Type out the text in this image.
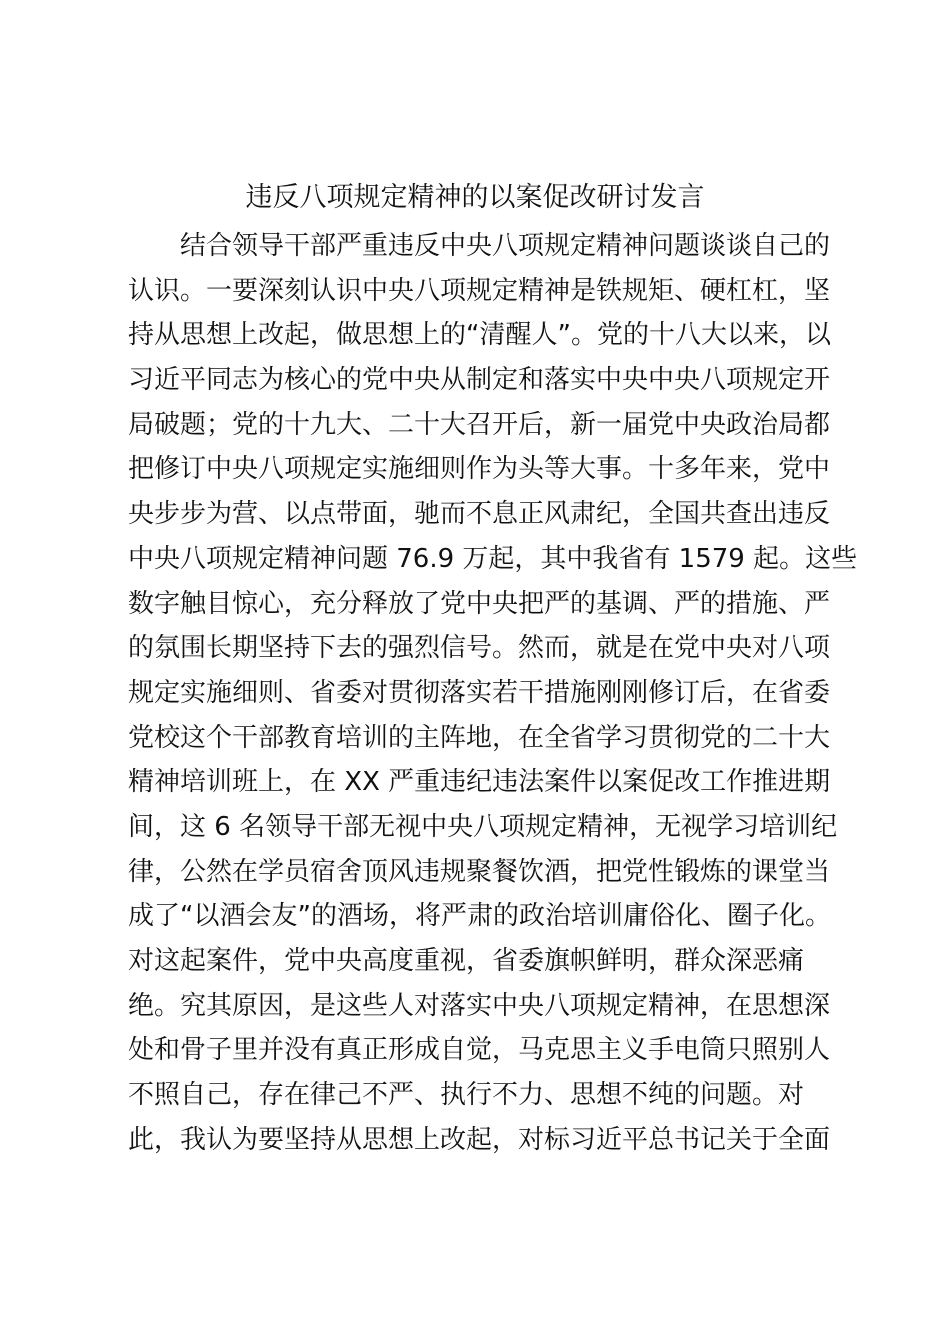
违反八项规定精神的以案促改研讨发言
结合领导干部严重违反中央八项规定精神问题谈谈自己的
认识。一要深刻认识中央八项规定精神是铁规矩、硬杠杠，坚
持从思想上改起，做思想上的“清醒人”。党的十八大以来，以
习近平同志为核心的党中央从制定和落实中央中央八项规定开
局破题；党的十九大、二十大召开后，新一届党中央政治局都
把修订中央八项规定实施细则作为头等大事。十多年来，党中
央步步为营、以点带面，驰而不息正风肃纪，全国共查出违反
中央八项规定精神问题 76.9 万起，其中我省有 1579 起。这些
数字触目惊心，充分释放了党中央把严的基调、严的措施、严
的氛围长期坚持下去的强烈信号。然而，就是在党中央对八项
规定实施细则、省委对贯彻落实若干措施刚刚修订后，在省委
党校这个干部教育培训的主阵地，在全省学习贯彻党的二十大
精神培训班上，在 XX 严重违纪违法案件以案促改工作推进期
间，这 6 名领导干部无视中央八项规定精神，无视学习培训纪
律，公然在学员宿舍顶风违规聚餐饮酒，把党性锻炼的课堂当
成了“以酒会友”的酒场，将严肃的政治培训庸俗化、圈子化。
对这起案件，党中央高度重视，省委旗帜鲜明，群众深恶痛
绝。究其原因，是这些人对落实中央八项规定精神，在思想深
处和骨子里并没有真正形成自觉，马克思主义手电筒只照别人
不照自己，存在律己不严、执行不力、思想不纯的问题。对
此，我认为要坚持从思想上改起，对标习近平总书记关于全面
